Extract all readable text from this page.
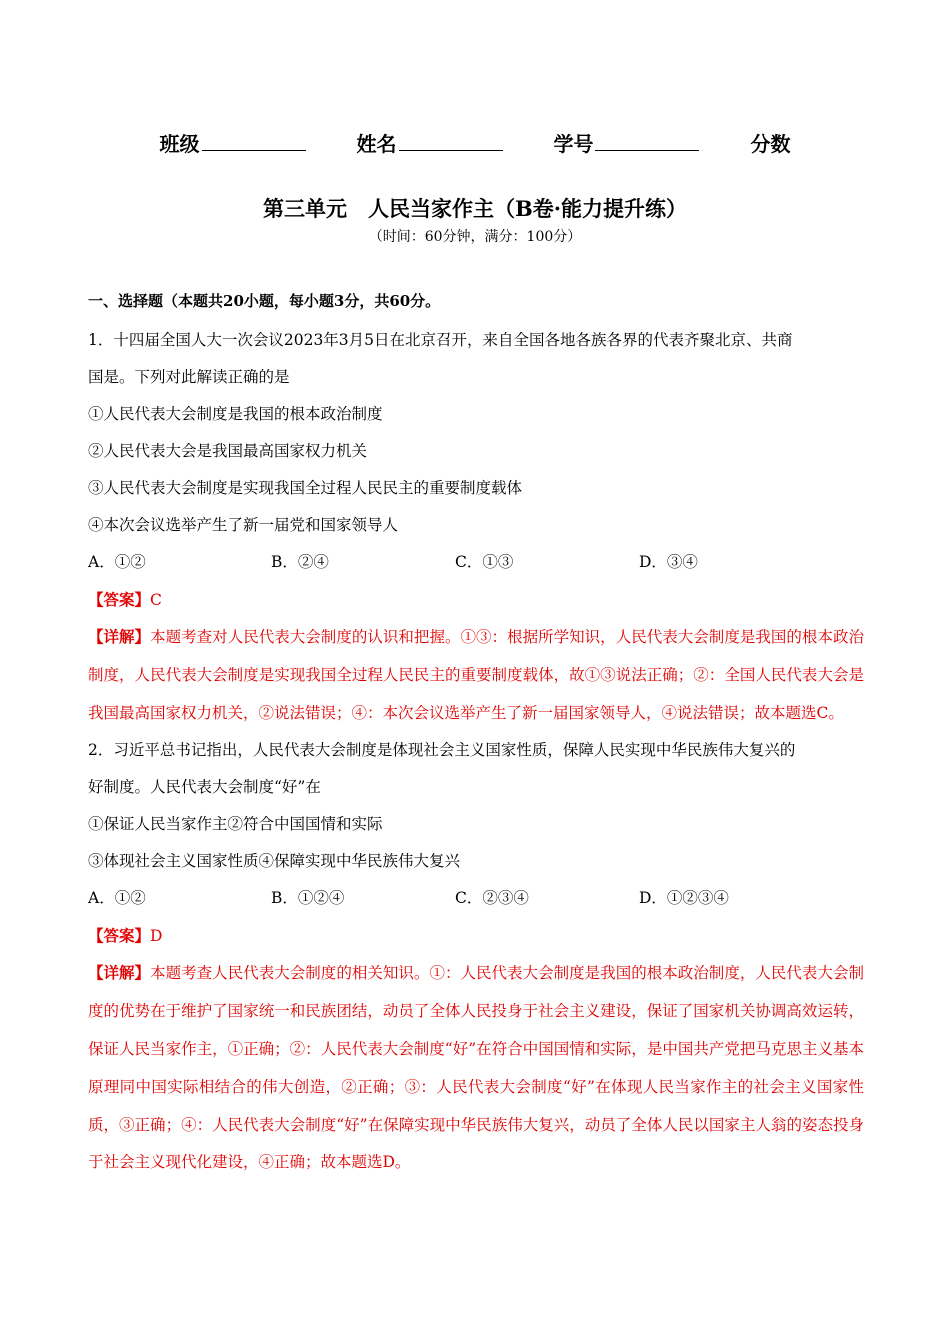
班级	姓名	学号	分数
第三单元　人民当家作主（B卷·能力提升练）
（时间：60分钟，满分：100分）
一、选择题（本题共20小题，每小题3分，共60分。
1．十四届全国人大一次会议2023年3月5日在北京召开，来自全国各地各族各界的代表齐聚北京、共商
国是。下列对此解读正确的是
①人民代表大会制度是我国的根本政治制度
②人民代表大会是我国最高国家权力机关
③人民代表大会制度是实现我国全过程人民民主的重要制度载体
④本次会议选举产生了新一届党和国家领导人
A．①②	B．②④	C．①③	D．③④
【答案】C
【详解】本题考查对人民代表大会制度的认识和把握。①③：根据所学知识，人民代表大会制度是我国的根本政治制度，人民代表大会制度是实现我国全过程人民民主的重要制度载体，故①③说法正确；②：全国人民代表大会是我国最高国家权力机关，②说法错误；④：本次会议选举产生了新一届国家领导人，④说法错误；故本题选C。
2．习近平总书记指出，人民代表大会制度是体现社会主义国家性质，保障人民实现中华民族伟大复兴的
好制度。人民代表大会制度“好”在
①保证人民当家作主②符合中国国情和实际
③体现社会主义国家性质④保障实现中华民族伟大复兴
A．①②	B．①②④	C．②③④	D．①②③④
【答案】D
【详解】本题考查人民代表大会制度的相关知识。①：人民代表大会制度是我国的根本政治制度，人民代表大会制度的优势在于维护了国家统一和民族团结，动员了全体人民投身于社会主义建设，保证了国家机关协调高效运转，保证人民当家作主，①正确；②：人民代表大会制度“好”在符合中国国情和实际，是中国共产党把马克思主义基本原理同中国实际相结合的伟大创造，②正确；③：人民代表大会制度“好”在体现人民当家作主的社会主义国家性质，③正确；④：人民代表大会制度“好”在保障实现中华民族伟大复兴，动员了全体人民以国家主人翁的姿态投身于社会主义现代化建设，④正确；故本题选D。
